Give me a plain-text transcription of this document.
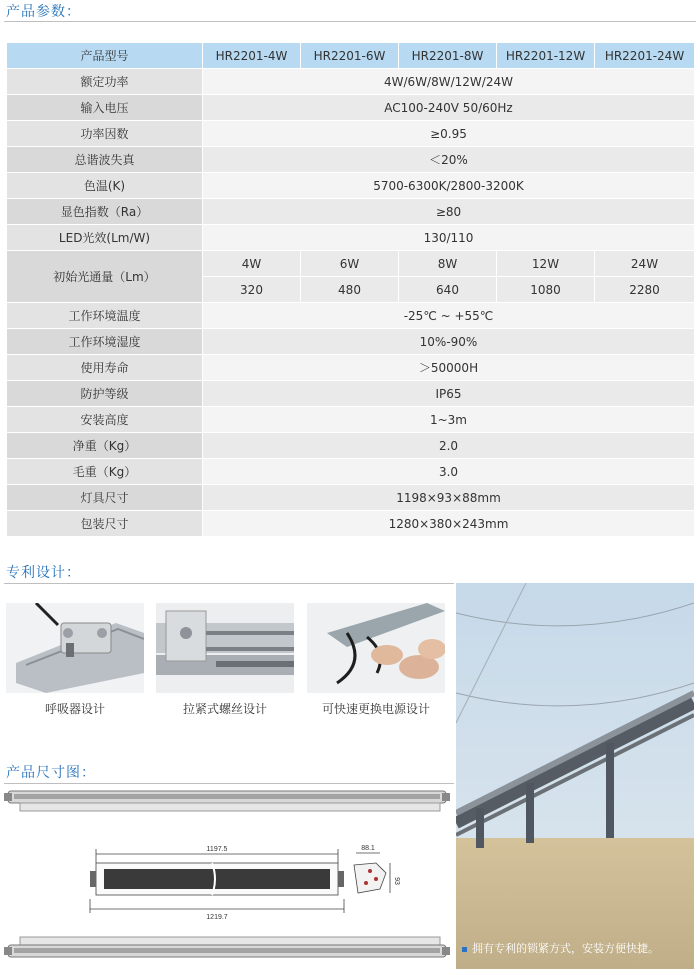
产品参数：
产品型号	HR2201-4W	HR2201-6W	HR2201-8W	HR2201-12W	HR2201-24W
额定功率	4W/6W/8W/12W/24W				
输入电压	AC100-240V 50/60Hz				
功率因数	≥0.95				
总谐波失真	＜20%				
色温(K)	5700-6300K/2800-3200K				
显色指数（Ra）	≥80				
LED光效(Lm/W)	130/110				
初始光通量（Lm）	4W	6W	8W	12W	24W
	320	480	640	1080	2280
工作环境温度	-25℃ ~ +55℃				
工作环境湿度	10%-90%				
使用寿命	＞50000H				
防护等级	IP65				
安装高度	1~3m				
净重（Kg）	2.0				
毛重（Kg）	3.0				
灯具尺寸	1198×93×88mm				
包装尺寸	1280×380×243mm				
专利设计：
呼吸器设计	拉紧式螺丝设计	可快速更换电源设计
拥有专利的锁紧方式，安装方便快捷。
产品尺寸图：
1197.5
1219.7
88.1
93
